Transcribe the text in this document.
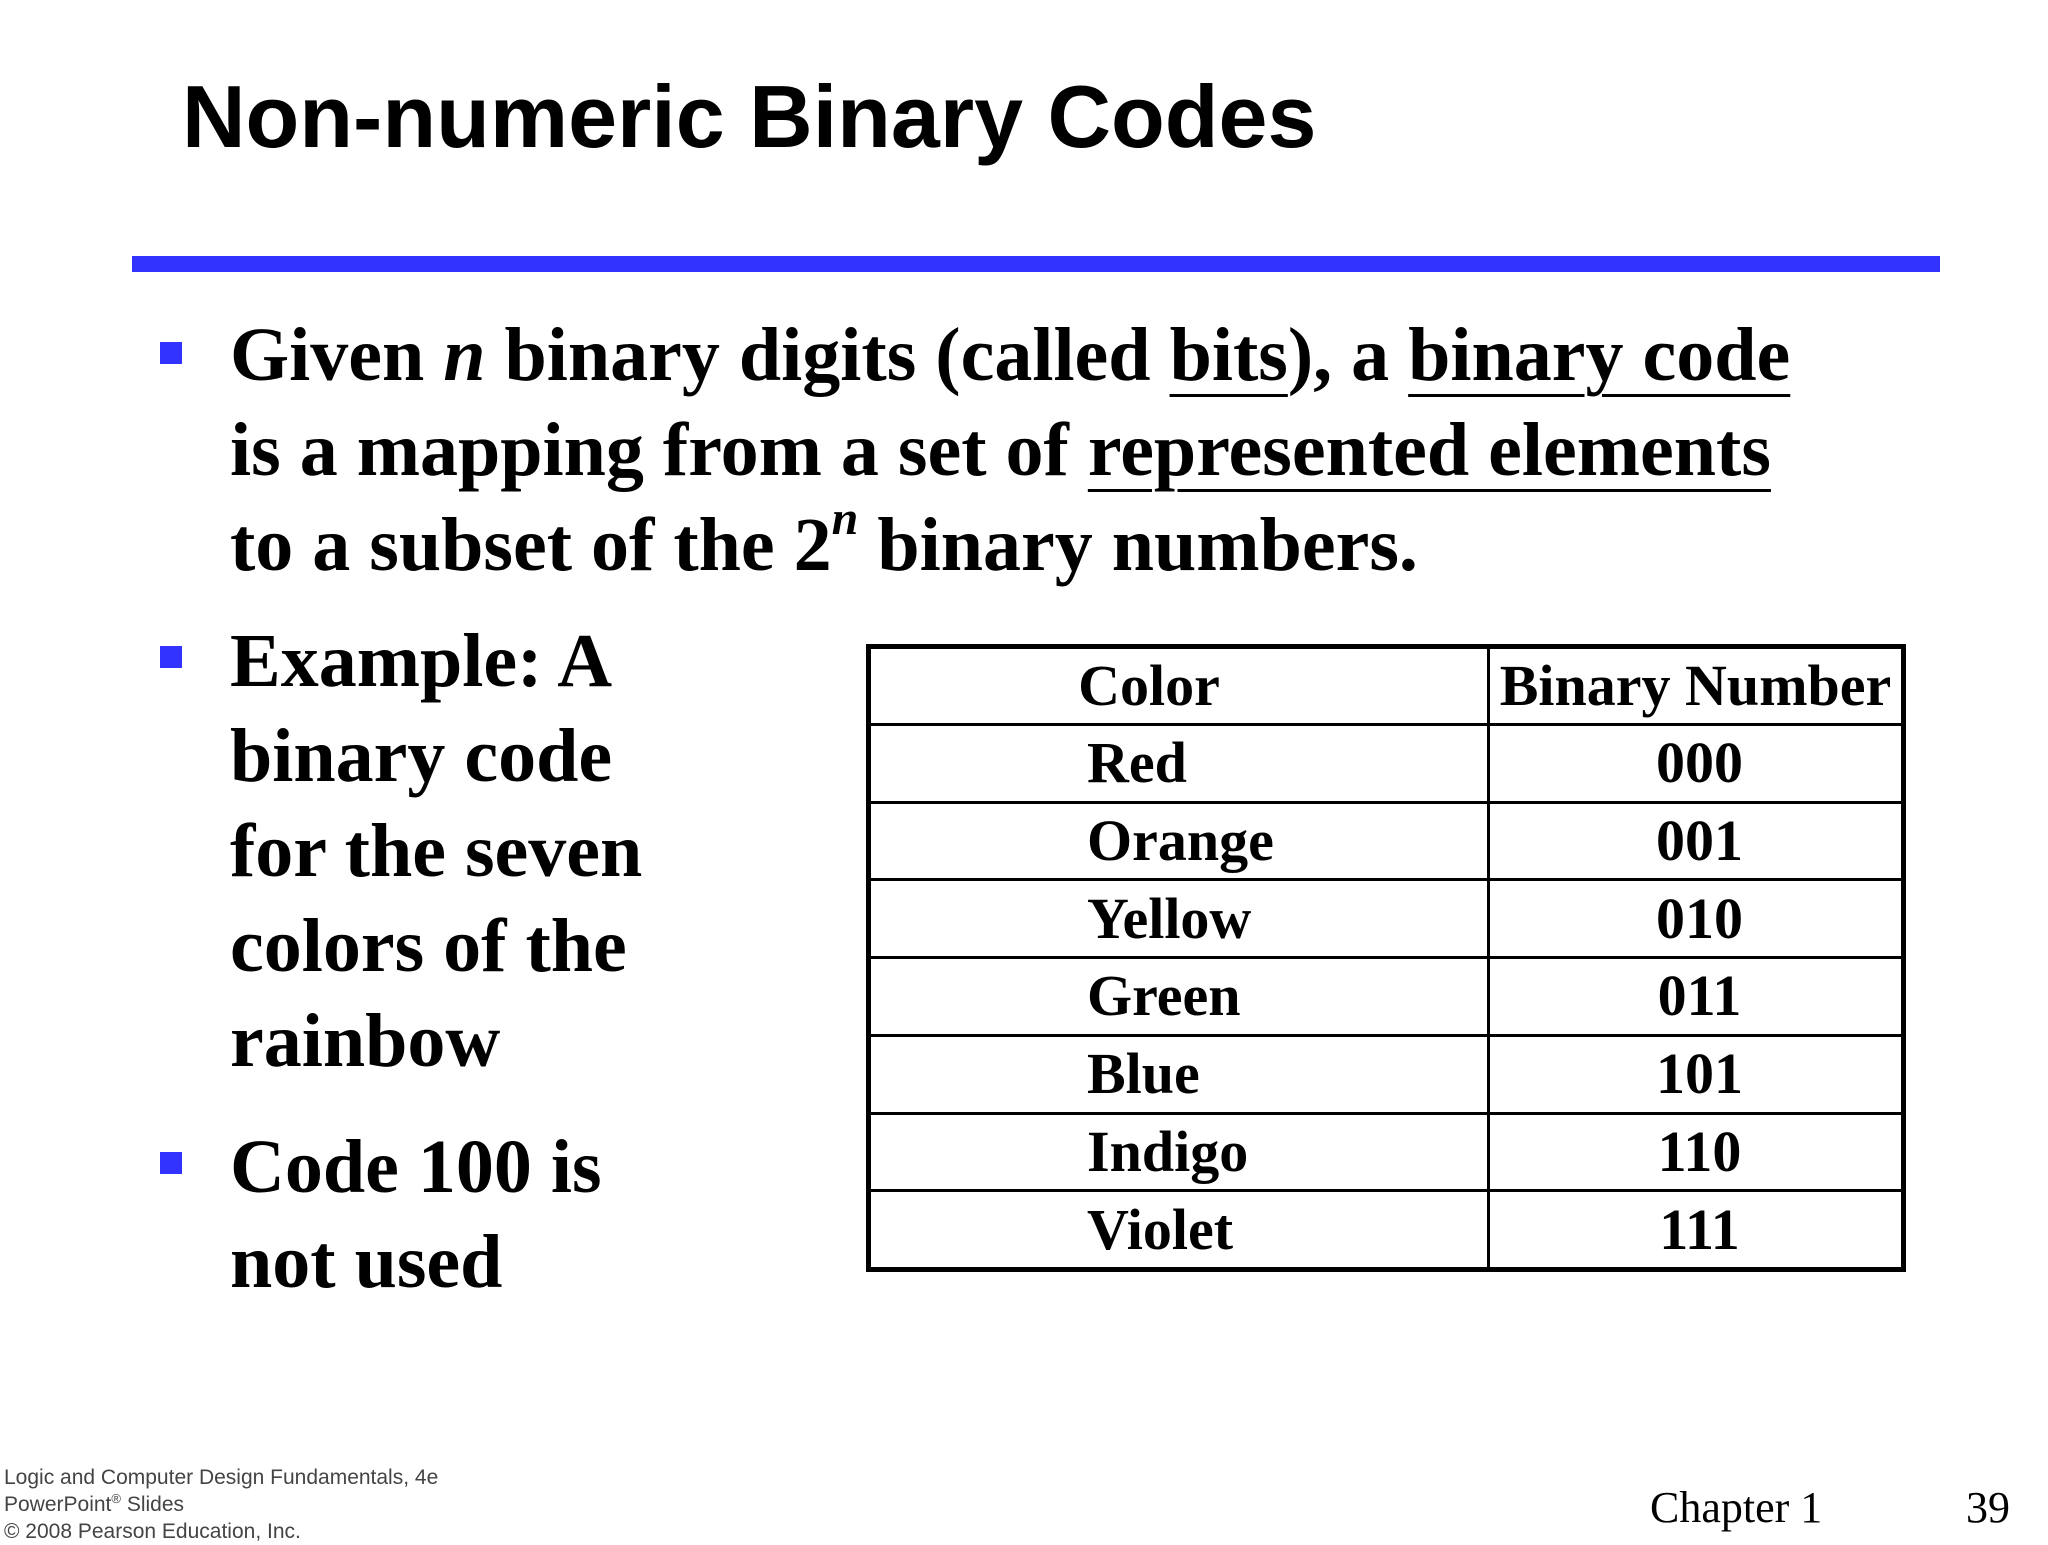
Non-numeric Binary Codes
Given n binary digits (called bits), a binary code
is a mapping from a set of represented elements
to a subset of the 2$^n$ binary numbers.
Example: A
binary code
for the seven
colors of the
rainbow
Code 100 is
not used
Color	Binary Number
Red	000
Orange	001
Yellow	010
Green	011
Blue	101
Indigo	110
Violet	111
Logic and Computer Design Fundamentals, 4e
PowerPoint® Slides
© 2008 Pearson Education, Inc.	Chapter 1	39
